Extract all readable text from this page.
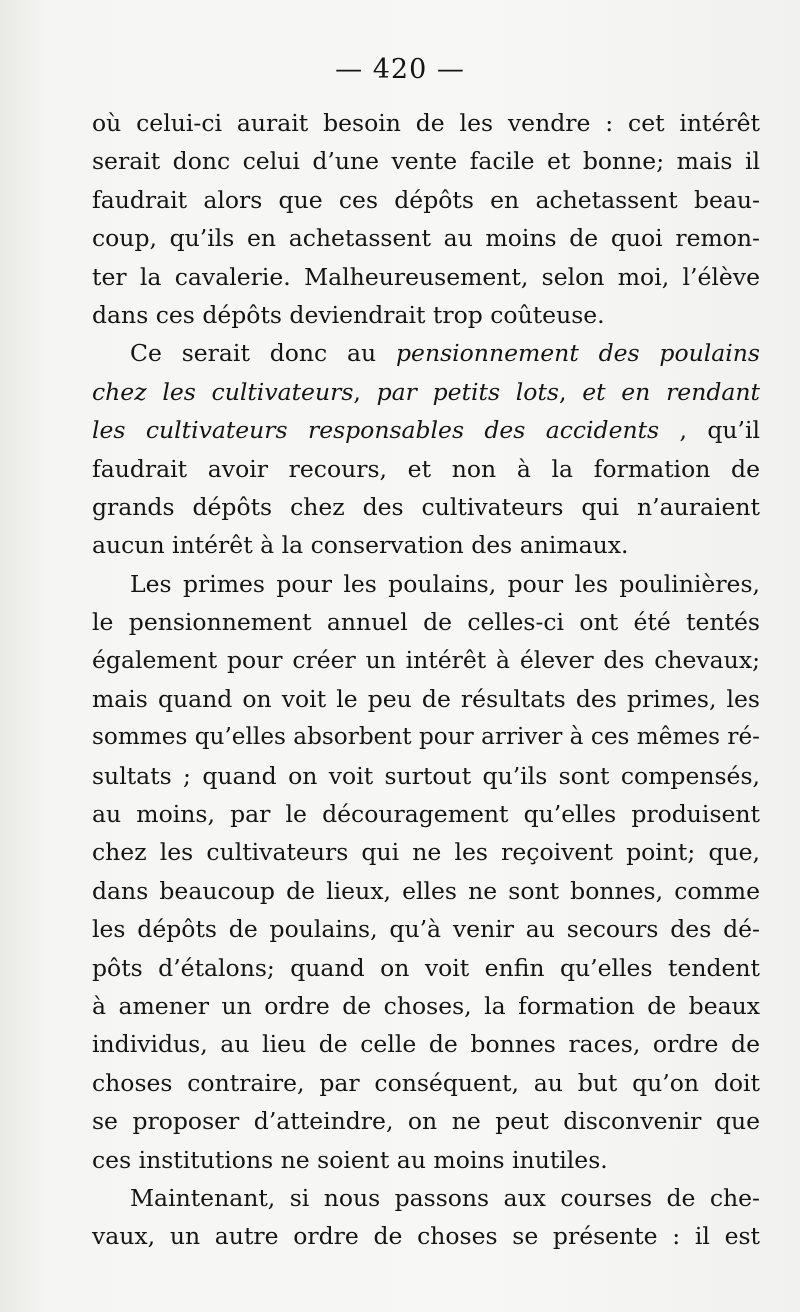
— 420 —
où celui-ci aurait besoin de les vendre : cet intérêt
serait donc celui d’une vente facile et bonne; mais il
faudrait alors que ces dépôts en achetassent beau-
coup, qu’ils en achetassent au moins de quoi remon-
ter la cavalerie. Malheureusement, selon moi, l’élève
dans ces dépôts deviendrait trop coûteuse.
Ce serait donc au pensionnement des poulains
chez les cultivateurs, par petits lots, et en rendant
les cultivateurs responsables des accidents , qu’il
faudrait avoir recours, et non à la formation de
grands dépôts chez des cultivateurs qui n’auraient
aucun intérêt à la conservation des animaux.
Les primes pour les poulains, pour les poulinières,
le pensionnement annuel de celles-ci ont été tentés
également pour créer un intérêt à élever des chevaux;
mais quand on voit le peu de résultats des primes, les
sommes qu’elles absorbent pour arriver à ces mêmes ré-
sultats ; quand on voit surtout qu’ils sont compensés,
au moins, par le découragement qu’elles produisent
chez les cultivateurs qui ne les reçoivent point; que,
dans beaucoup de lieux, elles ne sont bonnes, comme
les dépôts de poulains, qu’à venir au secours des dé-
pôts d’étalons; quand on voit enfin qu’elles tendent
à amener un ordre de choses, la formation de beaux
individus, au lieu de celle de bonnes races, ordre de
choses contraire, par conséquent, au but qu’on doit
se proposer d’atteindre, on ne peut disconvenir que
ces institutions ne soient au moins inutiles.
Maintenant, si nous passons aux courses de che-
vaux, un autre ordre de choses se présente : il est
